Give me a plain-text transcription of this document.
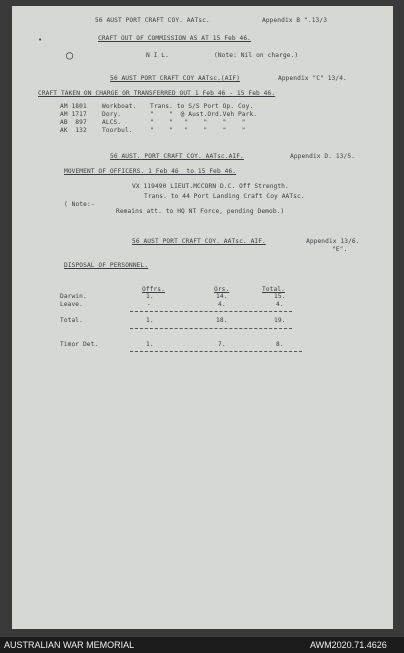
•
○
56 AUST PORT CRAFT COY. AATsc.	Appendix B ".13/3
CRAFT OUT OF COMMISSION AS AT 15 Feb 46.
N I L.	(Note: Nil on charge.)
56 AUST PORT CRAFT COY AATsc.(AIF)	Appendix "C" 13/4.
CRAFT TAKEN ON CHARGE OR TRANSFERRED OUT 1 Feb 46 - 15 Feb 46.
AM 1801 Workboat. Trans. to S/S Port Op. Coy.
AM 1717 Dory.	"    "  @ Aust.Ord.Veh Park.
AB  897 ALCS.	"    "   "    "    "    "
AK  132 Toorbul.	"    "   "    "    "    "
56 AUST. PORT CRAFT COY. AATsc.AIF.	Appendix D. 13/5.
MOVEMENT OF OFFICERS. 1 Feb 46  to 15 Feb 46.
VX 119490 LIEUT.MCCORN D.C. Off Strength.
Trans. to 44 Port Landing Craft Coy AATsc.
( Note:-
Remains att. to HQ NT Force, pending Demob.)
56 AUST PORT CRAFT COY. AATsc. AIF.	Appendix 13/6.
"E".
DISPOSAL OF PERSONNEL.
Offrs.	Ors.	Total.
Darwin.	1.	14.	15.
Leave.	-	4.	4.
Total.	1.	18.	19.
Timor Det.	1.	7.	8.
AUSTRALIAN WAR MEMORIAL	AWM2020.71.4626
